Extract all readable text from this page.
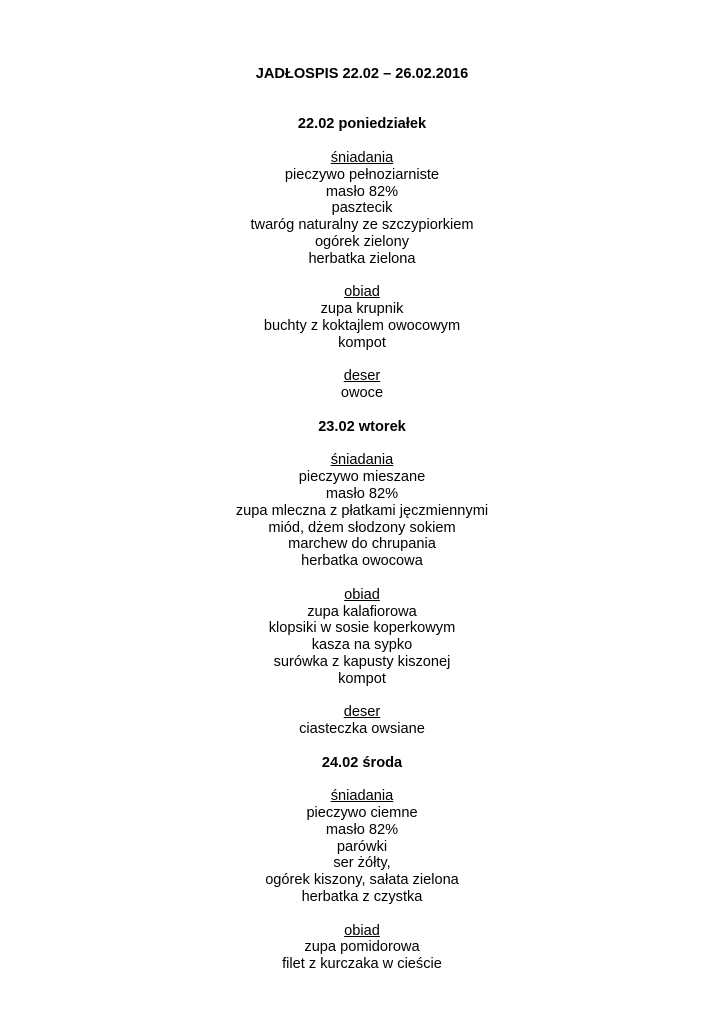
JADŁOSPIS 22.02 – 26.02.2016
22.02 poniedziałek
śniadania
pieczywo pełnoziarniste
masło 82%
pasztecik
twaróg naturalny ze szczypiorkiem
ogórek zielony
herbatka zielona
obiad
zupa krupnik
buchty z koktajlem owocowym
kompot
deser
owoce
23.02 wtorek
śniadania
pieczywo mieszane
masło 82%
zupa mleczna z płatkami jęczmiennymi
miód, dżem słodzony sokiem
marchew do chrupania
herbatka owocowa
obiad
zupa kalafiorowa
klopsiki w sosie koperkowym
kasza na sypko
surówka z kapusty kiszonej
kompot
deser
ciasteczka owsiane
24.02 środa
śniadania
pieczywo ciemne
masło 82%
parówki
ser żółty,
ogórek kiszony, sałata zielona
herbatka z czystka
obiad
zupa pomidorowa
filet z kurczaka w cieście
